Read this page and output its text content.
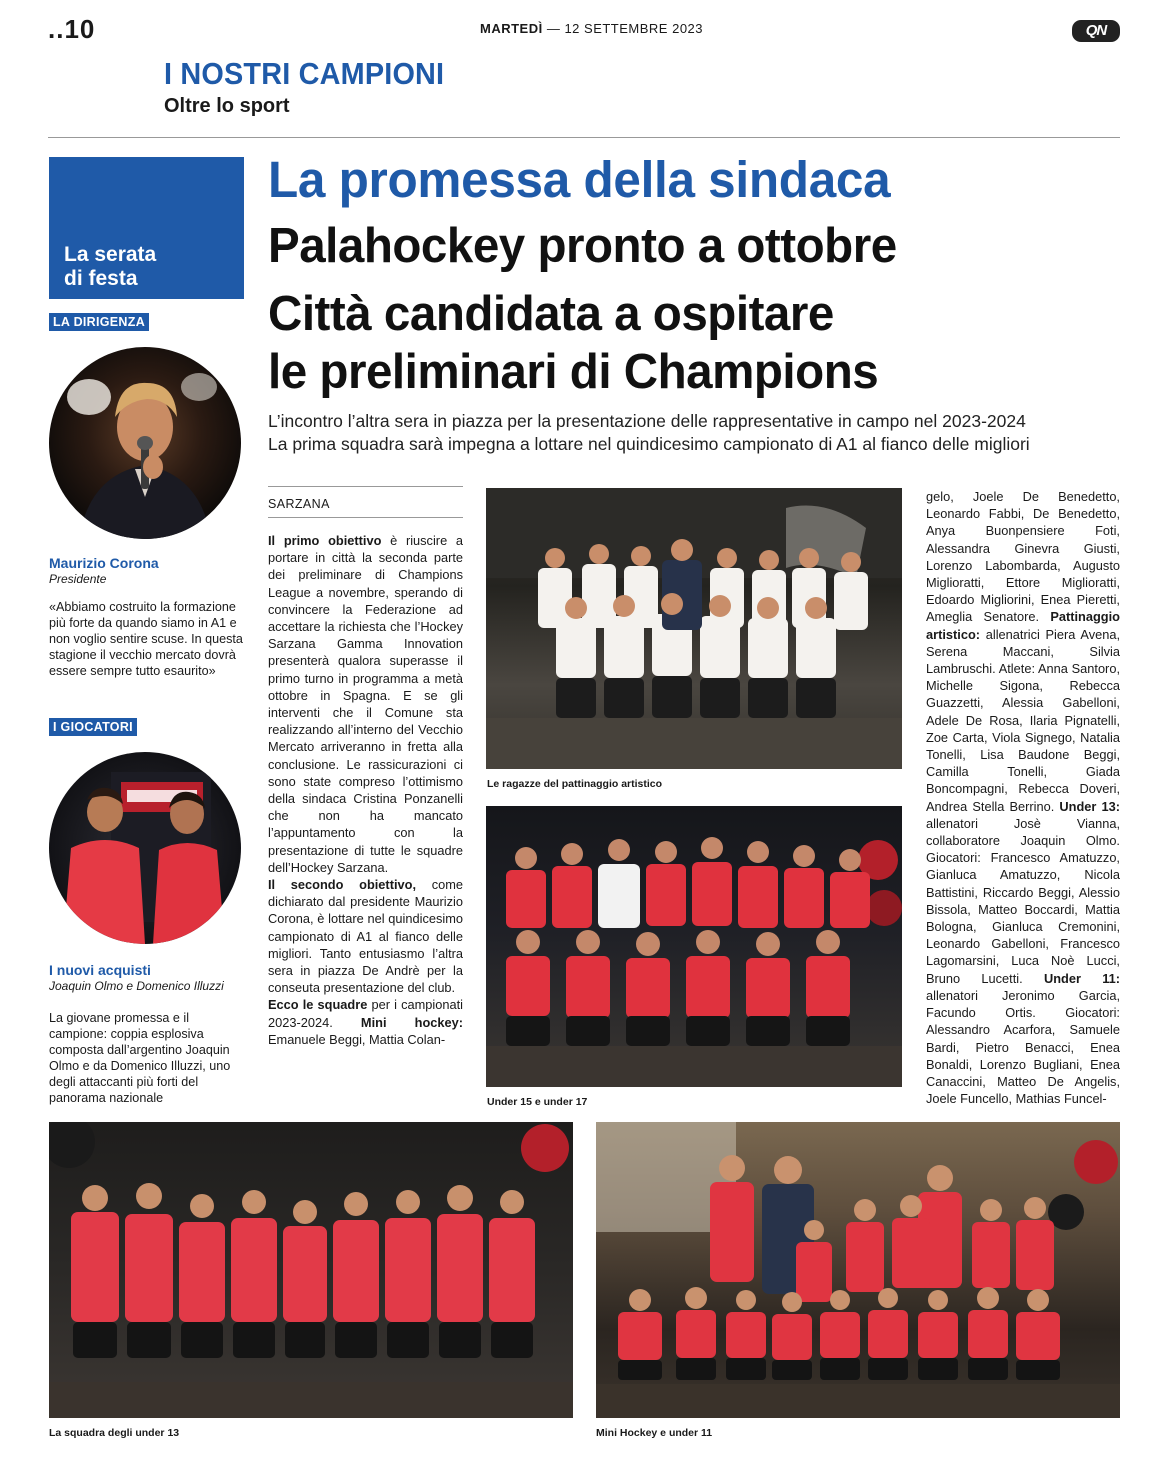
..10	MARTEDÌ — 12 SETTEMBRE 2023	QN
I NOSTRI CAMPIONI
Oltre lo sport
La serata
di festa
LA DIRIGENZA
Maurizio Corona
Presidente
«Abbiamo costruito la formazione più forte da quando siamo in A1 e non voglio sentire scuse. In questa stagione il vecchio mercato dovrà essere sempre tutto esaurito»
I GIOCATORI
I nuovi acquisti
Joaquin Olmo e Domenico Illuzzi
La giovane promessa e il campione: coppia esplosiva composta dall’argentino Joaquin Olmo e da Domenico Illuzzi, uno degli attaccanti più forti del panorama nazionale
La promessa della sindaca
Palahockey pronto a ottobre
Città candidata a ospitare
le preliminari di Champions
L’incontro l’altra sera in piazza per la presentazione delle rappresentative in campo nel 2023-2024
La prima squadra sarà impegna a lottare nel quindicesimo campionato di A1 al fianco delle migliori
SARZANA

Il primo obiettivo è riuscire a portare in città la seconda parte dei preliminare di Champions League a novembre, sperando di convincere la Federazione ad accettare la richiesta che l’Hockey Sarzana Gamma Innovation presenterà qualora superasse il primo turno in programma a metà ottobre in Spagna. E se gli interventi che il Comune sta realizzando all’interno del Vecchio Mercato arriveranno in fretta alla conclusione. Le rassicurazioni ci sono state compreso l’ottimismo della sindaca Cristina Ponzanelli che non ha mancato l’appuntamento con la presentazione di tutte le squadre dell’Hockey Sarzana.

Il secondo obiettivo, come dichiarato dal presidente Maurizio Corona, è lottare nel quindicesimo campionato di A1 al fianco delle migliori. Tanto entusiasmo l’altra sera in piazza De Andrè per la conseuta presentazione del club.

Ecco le squadre per i campionati 2023-2024. Mini hockey: Emanuele Beggi, Mattia Colan-

gelo, Joele De Benedetto, Leonardo Fabbi, De Benedetto, Anya Buonpensiere Foti, Alessandra Ginevra Giusti, Lorenzo Labombarda, Augusto Miglioratti, Ettore Miglioratti, Edoardo Migliorini, Enea Pieretti, Ameglia Senatore. Pattinaggio artistico: allenatrici Piera Avena, Serena Maccani, Silvia Lambruschi. Atlete: Anna Santoro, Michelle Sigona, Rebecca Guazzetti, Alessia Gabelloni, Adele De Rosa, Ilaria Pignatelli, Zoe Carta, Viola Signego, Natalia Tonelli, Lisa Baudone Beggi, Camilla Tonelli, Giada Boncompagni, Rebecca Doveri, Andrea Stella Berrino. Under 13: allenatori Josè Vianna, collaboratore Joaquin Olmo. Giocatori: Francesco Amatuzzo, Gianluca Amatuzzo, Nicola Battistini, Riccardo Beggi, Alessio Bissola, Matteo Boccardi, Mattia Bologna, Gianluca Cremonini, Leonardo Gabelloni, Francesco Lagomarsini, Luca Noè Lucci, Bruno Lucetti. Under 11: allenatori Jeronimo Garcia, Facundo Ortis. Giocatori: Alessandro Acarfora, Samuele Bardi, Pietro Benacci, Enea Bonaldi, Lorenzo Bugliani, Enea Canaccini, Matteo De Angelis, Joele Funcello, Mathias Funcel-

Le ragazze del pattinaggio artistico
Under 15 e under 17
La squadra degli under 13	Mini Hockey e under 11
